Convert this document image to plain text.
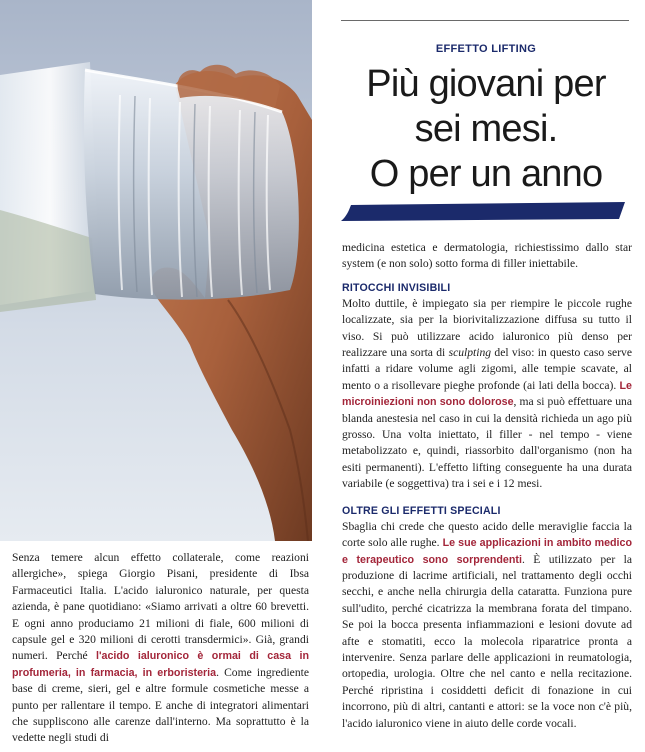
Senza temere alcun effetto collaterale, come reazioni allergiche», spiega Giorgio Pisani, presidente di Ibsa Farmaceutici Italia. L'acido ialuronico naturale, per questa azienda, è pane quotidiano: «Siamo arrivati a oltre 60 brevetti. E ogni anno produciamo 21 milioni di fiale, 600 milioni di capsule gel e 320 milioni di cerotti transdermici». Già, grandi numeri. Perché l'acido ialuronico è ormai di casa in profumeria, in farmacia, in erboristeria. Come ingrediente base di creme, sieri, gel e altre formule cosmetiche messe a punto per rallentare il tempo. E anche di integratori alimentari che suppliscono alle carenze dall'interno. Ma soprattutto è la vedette negli studi di

EFFETTO LIFTING
Più giovani per
sei mesi.
O per un anno

medicina estetica e dermatologia, richiestissimo dallo star system (e non solo) sotto forma di filler iniettabile.

RITOCCHI INVISIBILI

Molto duttile, è impiegato sia per riempire le piccole rughe localizzate, sia per la biorivitalizzazione diffusa su tutto il viso. Si può utilizzare acido ialuronico più denso per realizzare una sorta di sculpting del viso: in questo caso serve infatti a ridare volume agli zigomi, alle tempie scavate, al mento o a risollevare pieghe profonde (ai lati della bocca). Le microiniezioni non sono dolorose, ma si può effettuare una blanda anestesia nel caso in cui la densità richieda un ago più grosso. Una volta iniettato, il filler - nel tempo - viene metabolizzato e, quindi, riassorbito dall'organismo (non ha esiti permanenti). L'effetto lifting conseguente ha una durata variabile (e soggettiva) tra i sei e i 12 mesi.

OLTRE GLI EFFETTI SPECIALI

Sbaglia chi crede che questo acido delle meraviglie faccia la corte solo alle rughe. Le sue applicazioni in ambito medico e terapeutico sono sorprendenti. È utilizzato per la produzione di lacrime artificiali, nel trattamento degli occhi secchi, e anche nella chirurgia della cataratta. Funziona pure sull'udito, perché cicatrizza la membrana forata del timpano. Se poi la bocca presenta infiammazioni e lesioni dovute ad afte e stomatiti, ecco la molecola riparatrice pronta a intervenire. Senza parlare delle applicazioni in reumatologia, ortopedia, urologia. Oltre che nel canto e nella recitazione. Perché ripristina i cosiddetti deficit di fonazione in cui incorrono, più di altri, cantanti e attori: se la voce non c'è più, l'acido ialuronico viene in aiuto delle corde vocali.
